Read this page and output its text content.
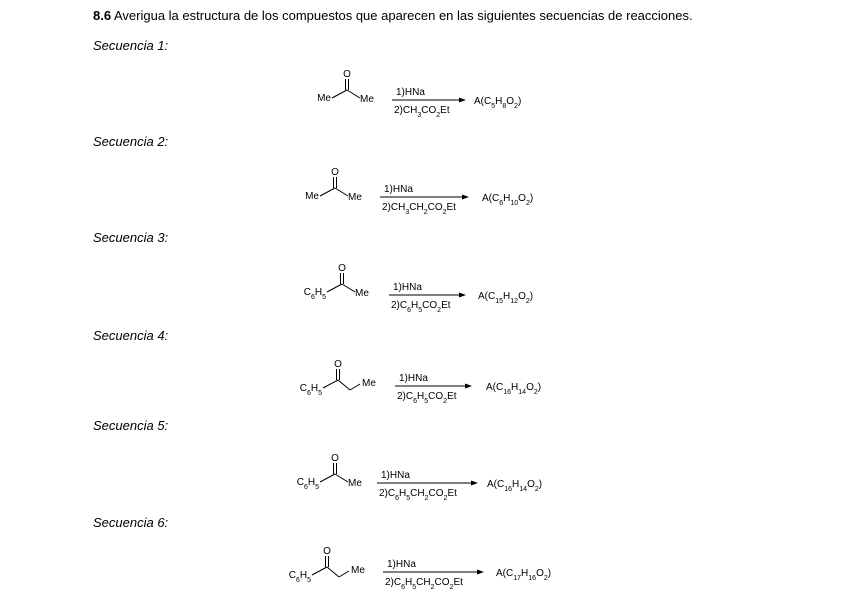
8.6 Averigua la estructura de los compuestos que aparecen en las siguientes secuencias de reacciones.
Secuencia 1:
O
Me	Me
1)HNa
$2)CH_3CO_2Et$
$A(C_5H_8O_2)$
Secuencia 2:
O
Me	Me
1)HNa
$2)CH_3CH_2CO_2Et$
$A(C_6H_{10}O_2)$
Secuencia 3:
O
$C_6H_5$	Me
1)HNa
$2)C_6H_5CO_2Et$
$A(C_{15}H_{12}O_2)$
Secuencia 4:
O
$C_6H_5$
Me 1)HNa
$2)C_6H_5CO_2Et$
$A(C_{16}H_{14}O_2)$
Secuencia 5:
O
$C_6H_5$	Me
1)HNa
$2)C_6H_5CH_2CO_2Et$
$A(C_{16}H_{14}O_2)$
Secuencia 6:
O
$C_6H_5$
Me
1)HNa
$2)C_6H_5CH_2CO_2Et$
$A(C_{17}H_{16}O_2)$
